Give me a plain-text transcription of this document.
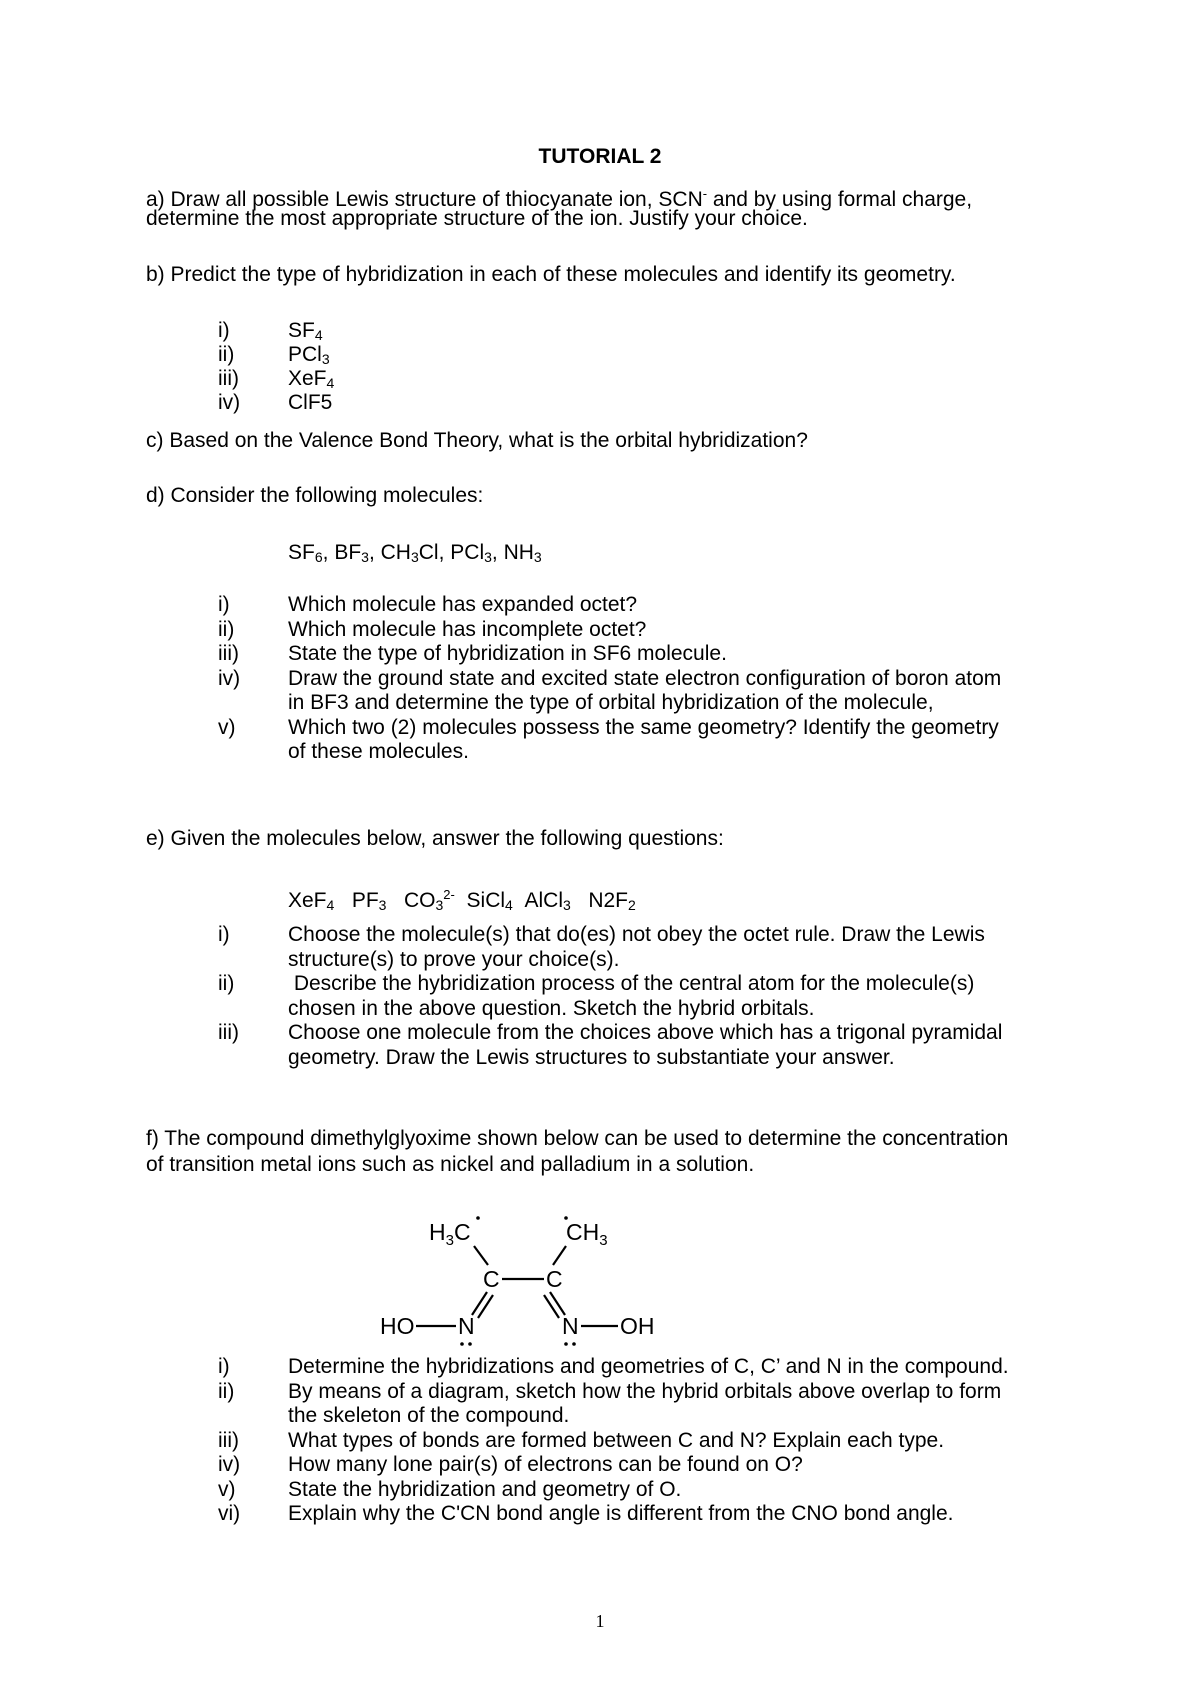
TUTORIAL 2
a) Draw all possible Lewis structure of thiocyanate ion, SCN- and by using formal charge,
determine the most appropriate structure of the ion. Justify your choice.
b) Predict the type of hybridization in each of these molecules and identify its geometry.
i)	$SF_4$
ii)	PCl$_3$
iii) XeF$_4$
iv) ClF5
c) Based on the Valence Bond Theory, what is the orbital hybridization?
d) Consider the following molecules:
$SF_6$, $BF_3$, $CH_3Cl$, PCl$_3$, $NH_3$
i)	Which molecule has expanded octet?
ii)	Which molecule has incomplete octet?
iii) State the type of hybridization in SF6 molecule.
iv) Draw the ground state and excited state electron configuration of boron atom
in BF3 and determine the type of orbital hybridization of the molecule,
v)	Which two (2) molecules possess the same geometry? Identify the geometry
of these molecules.
e) Given the molecules below, answer the following questions:
XeF$_4$ $PF_3$ $CO_3^{2-}$ SiCl$_4$ AlCl$_3$ $N2F_2$
i)	Choose the molecule(s) that do(es) not obey the octet rule. Draw the Lewis
structure(s) to prove your choice(s).
ii)	Describe the hybridization process of the central atom for the molecule(s)
chosen in the above question. Sketch the hybrid orbitals.
iii) Choose one molecule from the choices above which has a trigonal pyramidal
geometry. Draw the Lewis structures to substantiate your answer.
f) The compound dimethylglyoxime shown below can be used to determine the concentration
of transition metal ions such as nickel and palladium in a solution.
$H_3C$	$CH_3$
C C
HO N	N OH
i)	Determine the hybridizations and geometries of C, C’ and N in the compound.
ii)	By means of a diagram, sketch how the hybrid orbitals above overlap to form
the skeleton of the compound.
iii) What types of bonds are formed between C and N? Explain each type.
iv) How many lone pair(s) of electrons can be found on O?
v)	State the hybridization and geometry of O.
vi) Explain why the C'CN bond angle is different from the CNO bond angle.
1
